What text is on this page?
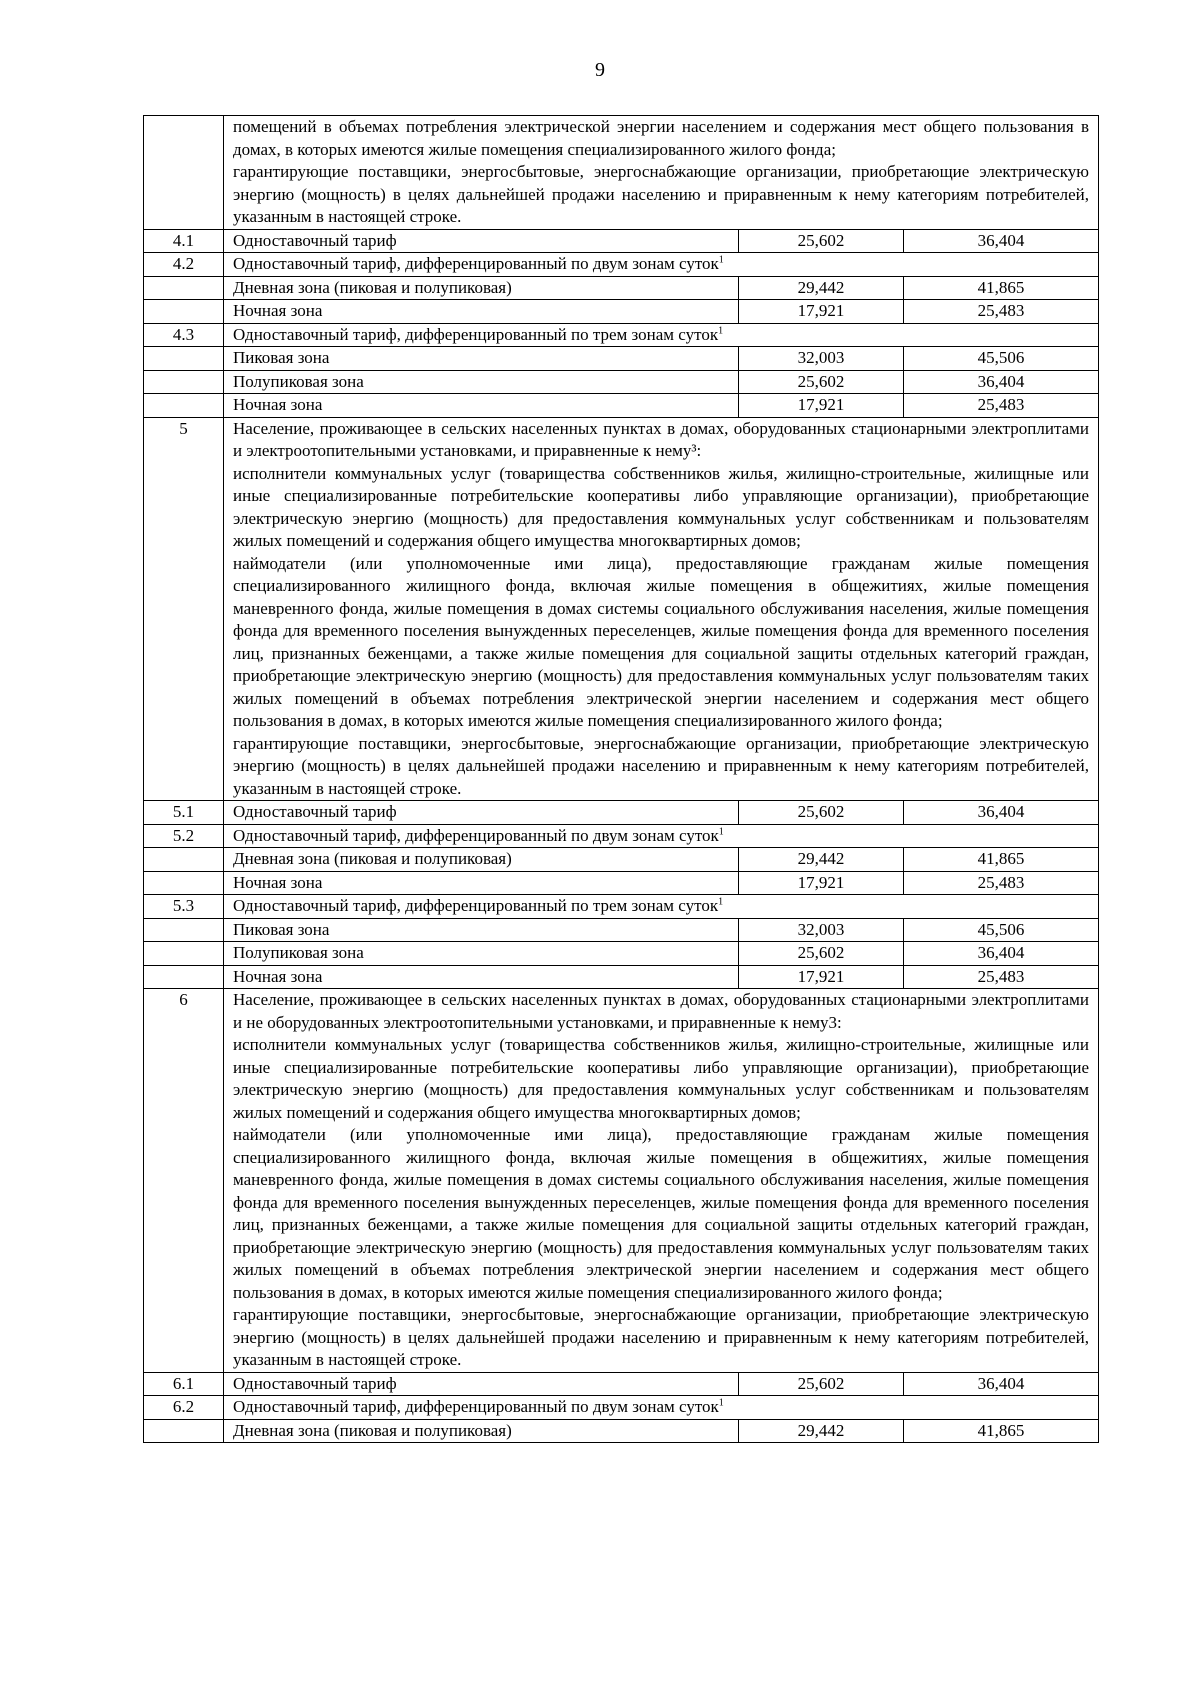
9

	помещений в объемах потребления электрической энергии населением и содержания мест общего пользования в домах, в которых имеются жилые помещения специализированного жилого фонда;

гарантирующие поставщики, энергосбытовые, энергоснабжающие организации, приобретающие электрическую энергию (мощность) в целях дальнейшей продажи населению и приравненным к нему категориям потребителей, указанным в настоящей строке.		

4.1	Одноставочный тариф	25,602	36,404
4.2	Одноставочный тариф, дифференцированный по двум зонам суток$^1$
	Дневная зона (пиковая и полупиковая)	29,442	41,865
	Ночная зона	17,921	25,483
4.3	Одноставочный тариф, дифференцированный по трем зонам суток$^1$
	Пиковая зона	32,003	45,506
	Полупиковая зона	25,602	36,404
	Ночная зона	17,921	25,483
5	Население, проживающее в сельских населенных пунктах в домах, оборудованных стационарными электроплитами и электроотопительными установками, и приравненные к нему³:

исполнители коммунальных услуг (товарищества собственников жилья, жилищно-строительные, жилищные или иные специализированные потребительские кооперативы либо управляющие организации), приобретающие электрическую энергию (мощность) для предоставления коммунальных услуг собственникам и пользователям жилых помещений и содержания общего имущества многоквартирных домов;

наймодатели (или уполномоченные ими лица), предоставляющие гражданам жилые помещения специализированного жилищного фонда, включая жилые помещения в общежитиях, жилые помещения маневренного фонда, жилые помещения в домах системы социального обслуживания населения, жилые помещения фонда для временного поселения вынужденных переселенцев, жилые помещения фонда для временного поселения лиц, признанных беженцами, а также жилые помещения для социальной защиты отдельных категорий граждан, приобретающие электрическую энергию (мощность) для предоставления коммунальных услуг пользователям таких жилых помещений в объемах потребления электрической энергии населением и содержания мест общего пользования в домах, в которых имеются жилые помещения специализированного жилого фонда;

гарантирующие поставщики, энергосбытовые, энергоснабжающие организации, приобретающие электрическую энергию (мощность) в целях дальнейшей продажи населению и приравненным к нему категориям потребителей, указанным в настоящей строке.		

5.1	Одноставочный тариф	25,602	36,404
5.2	Одноставочный тариф, дифференцированный по двум зонам суток$^1$
	Дневная зона (пиковая и полупиковая)	29,442	41,865
	Ночная зона	17,921	25,483
5.3	Одноставочный тариф, дифференцированный по трем зонам суток$^1$
	Пиковая зона	32,003	45,506
	Полупиковая зона	25,602	36,404
	Ночная зона	17,921	25,483
6	Население, проживающее в сельских населенных пунктах в домах, оборудованных стационарными электроплитами и не оборудованных электроотопительными установками, и приравненные к нему3:

исполнители коммунальных услуг (товарищества собственников жилья, жилищно-строительные, жилищные или иные специализированные потребительские кооперативы либо управляющие организации), приобретающие электрическую энергию (мощность) для предоставления коммунальных услуг собственникам и пользователям жилых помещений и содержания общего имущества многоквартирных домов;

наймодатели (или уполномоченные ими лица), предоставляющие гражданам жилые помещения специализированного жилищного фонда, включая жилые помещения в общежитиях, жилые помещения маневренного фонда, жилые помещения в домах системы социального обслуживания населения, жилые помещения фонда для временного поселения вынужденных переселенцев, жилые помещения фонда для временного поселения лиц, признанных беженцами, а также жилые помещения для социальной защиты отдельных категорий граждан, приобретающие электрическую энергию (мощность) для предоставления коммунальных услуг пользователям таких жилых помещений в объемах потребления электрической энергии населением и содержания мест общего пользования в домах, в которых имеются жилые помещения специализированного жилого фонда;

гарантирующие поставщики, энергосбытовые, энергоснабжающие организации, приобретающие электрическую энергию (мощность) в целях дальнейшей продажи населению и приравненным к нему категориям потребителей, указанным в настоящей строке.		

6.1	Одноставочный тариф	25,602	36,404
6.2	Одноставочный тариф, дифференцированный по двум зонам суток$^1$
	Дневная зона (пиковая и полупиковая)	29,442	41,865
